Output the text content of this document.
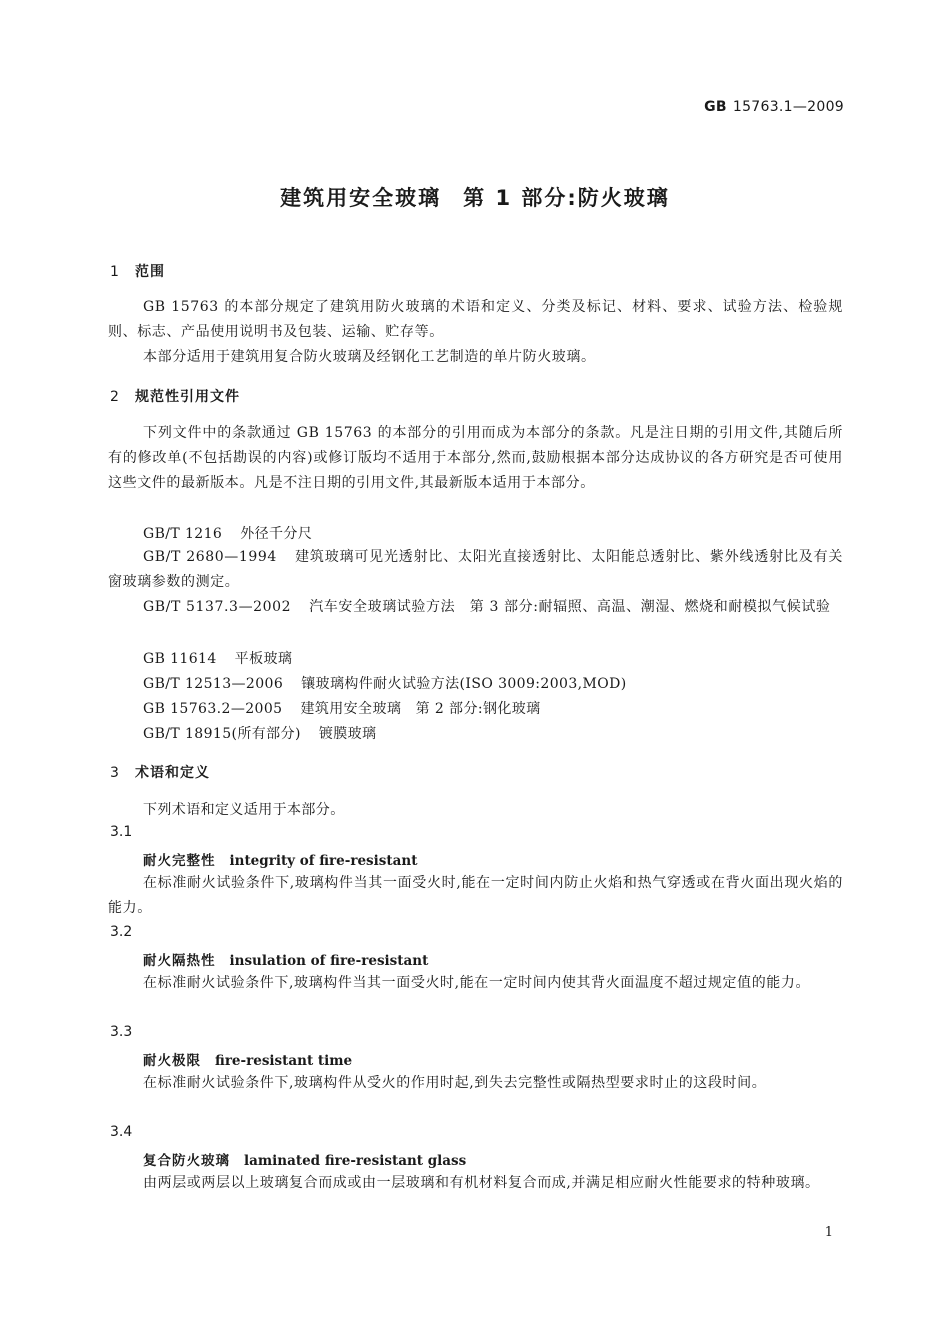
GB 15763.1—2009
建筑用安全玻璃 第 1 部分:防火玻璃
1 范围
GB 15763 的本部分规定了建筑用防火玻璃的术语和定义、分类及标记、材料、要求、试验方法、检验规则、标志、产品使用说明书及包装、运输、贮存等。
本部分适用于建筑用复合防火玻璃及经钢化工艺制造的单片防火玻璃。
2 规范性引用文件
下列文件中的条款通过 GB 15763 的本部分的引用而成为本部分的条款。凡是注日期的引用文件,其随后所有的修改单(不包括勘误的内容)或修订版均不适用于本部分,然而,鼓励根据本部分达成协议的各方研究是否可使用这些文件的最新版本。凡是不注日期的引用文件,其最新版本适用于本部分。
GB/T 1216 外径千分尺
GB/T 2680—1994 建筑玻璃可见光透射比、太阳光直接透射比、太阳能总透射比、紫外线透射比及有关窗玻璃参数的测定。
GB/T 5137.3—2002 汽车安全玻璃试验方法　第 3 部分:耐辐照、高温、潮湿、燃烧和耐模拟气候试验
GB 11614 平板玻璃
GB/T 12513—2006 镶玻璃构件耐火试验方法(ISO 3009:2003,MOD)
GB 15763.2—2005 建筑用安全玻璃　第 2 部分:钢化玻璃
GB/T 18915(所有部分) 镀膜玻璃
3 术语和定义
下列术语和定义适用于本部分。
3.1
耐火完整性 integrity of fire-resistant
在标准耐火试验条件下,玻璃构件当其一面受火时,能在一定时间内防止火焰和热气穿透或在背火面出现火焰的能力。
3.2
耐火隔热性 insulation of fire-resistant
在标准耐火试验条件下,玻璃构件当其一面受火时,能在一定时间内使其背火面温度不超过规定值的能力。
3.3
耐火极限 fire-resistant time
在标准耐火试验条件下,玻璃构件从受火的作用时起,到失去完整性或隔热型要求时止的这段时间。
3.4
复合防火玻璃 laminated fire-resistant glass
由两层或两层以上玻璃复合而成或由一层玻璃和有机材料复合而成,并满足相应耐火性能要求的特种玻璃。
1
